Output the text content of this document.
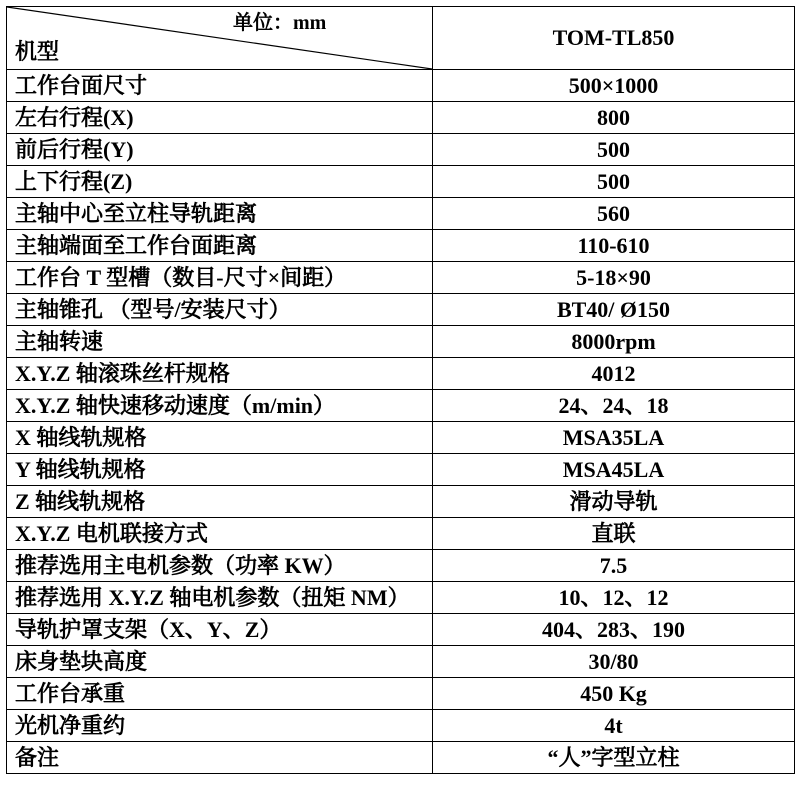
单位：mm
机型	TOM-TL850
工作台面尺寸	500×1000
左右行程(X)	800
前后行程(Y)	500
上下行程(Z)	500
主轴中心至立柱导轨距离	560
主轴端面至工作台面距离	110-610
工作台 T 型槽（数目-尺寸×间距）	5-18×90
主轴锥孔 （型号/安装尺寸）	BT40/ Ø150
主轴转速	8000rpm
X.Y.Z 轴滚珠丝杆规格	4012
X.Y.Z 轴快速移动速度（m/min）	24、24、18
X 轴线轨规格	MSA35LA
Y 轴线轨规格	MSA45LA
Z 轴线轨规格	滑动导轨
X.Y.Z 电机联接方式	直联
推荐选用主电机参数（功率 KW）	7.5
推荐选用 X.Y.Z 轴电机参数（扭矩 NM）	10、12、12
导轨护罩支架（X、Y、Z）	404、283、190
床身垫块高度	30/80
工作台承重	450 Kg
光机净重约	4t
备注	“人”字型立柱
